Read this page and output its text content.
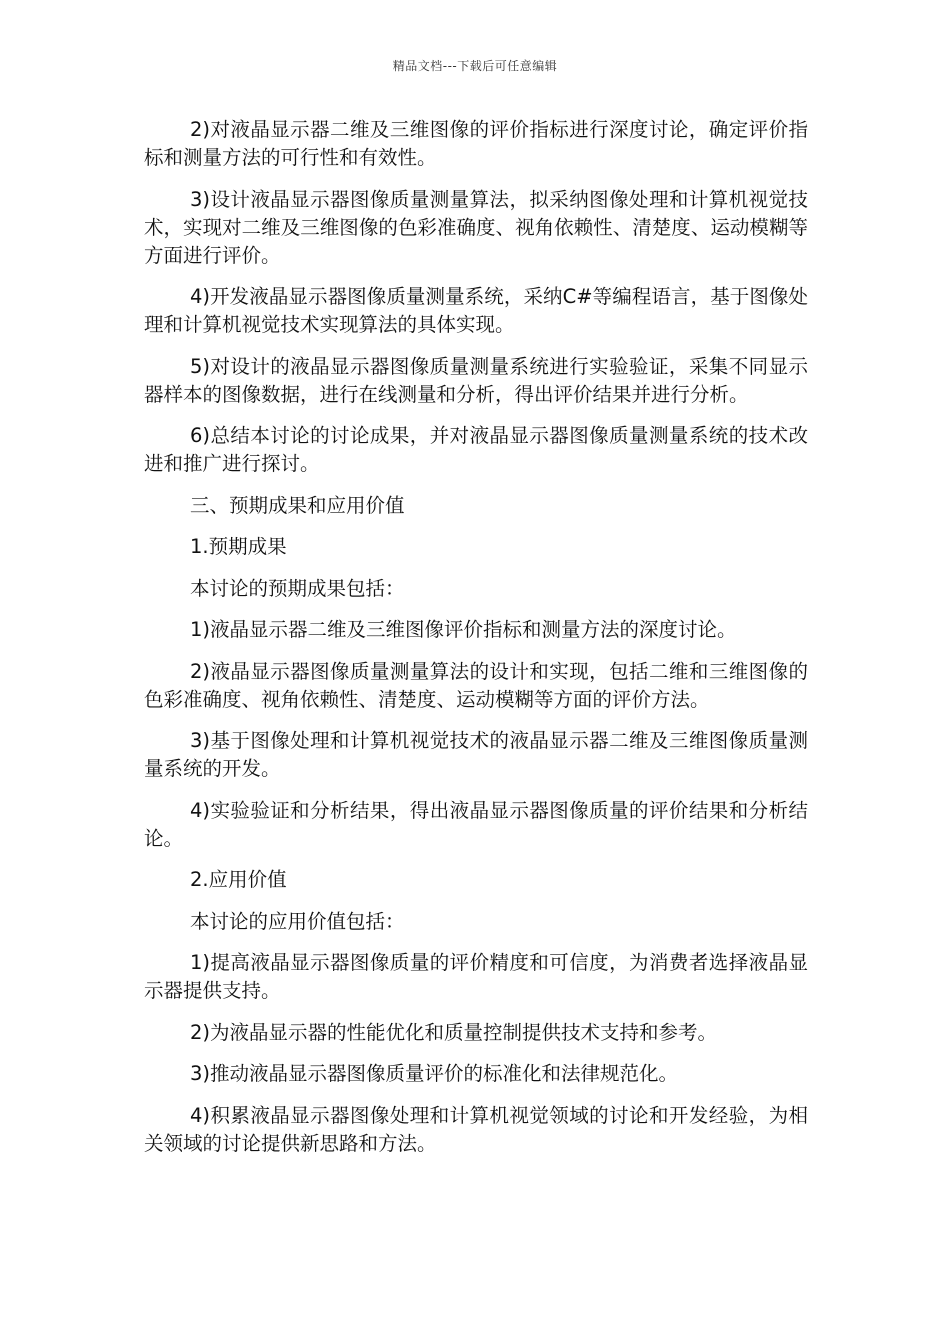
精品文档---下载后可任意编辑

2)对液晶显示器二维及三维图像的评价指标进行深度讨论，确定评价指标和测量方法的可行性和有效性。

3)设计液晶显示器图像质量测量算法，拟采纳图像处理和计算机视觉技术，实现对二维及三维图像的色彩准确度、视角依赖性、清楚度、运动模糊等方面进行评价。

4)开发液晶显示器图像质量测量系统，采纳C#等编程语言，基于图像处理和计算机视觉技术实现算法的具体实现。

5)对设计的液晶显示器图像质量测量系统进行实验验证，采集不同显示器样本的图像数据，进行在线测量和分析，得出评价结果并进行分析。

6)总结本讨论的讨论成果，并对液晶显示器图像质量测量系统的技术改进和推广进行探讨。

三、预期成果和应用价值

1.预期成果

本讨论的预期成果包括：

1)液晶显示器二维及三维图像评价指标和测量方法的深度讨论。

2)液晶显示器图像质量测量算法的设计和实现，包括二维和三维图像的色彩准确度、视角依赖性、清楚度、运动模糊等方面的评价方法。

3)基于图像处理和计算机视觉技术的液晶显示器二维及三维图像质量测量系统的开发。

4)实验验证和分析结果，得出液晶显示器图像质量的评价结果和分析结论。

2.应用价值

本讨论的应用价值包括：

1)提高液晶显示器图像质量的评价精度和可信度，为消费者选择液晶显示器提供支持。

2)为液晶显示器的性能优化和质量控制提供技术支持和参考。

3)推动液晶显示器图像质量评价的标准化和法律规范化。

4)积累液晶显示器图像处理和计算机视觉领域的讨论和开发经验，为相关领域的讨论提供新思路和方法。
